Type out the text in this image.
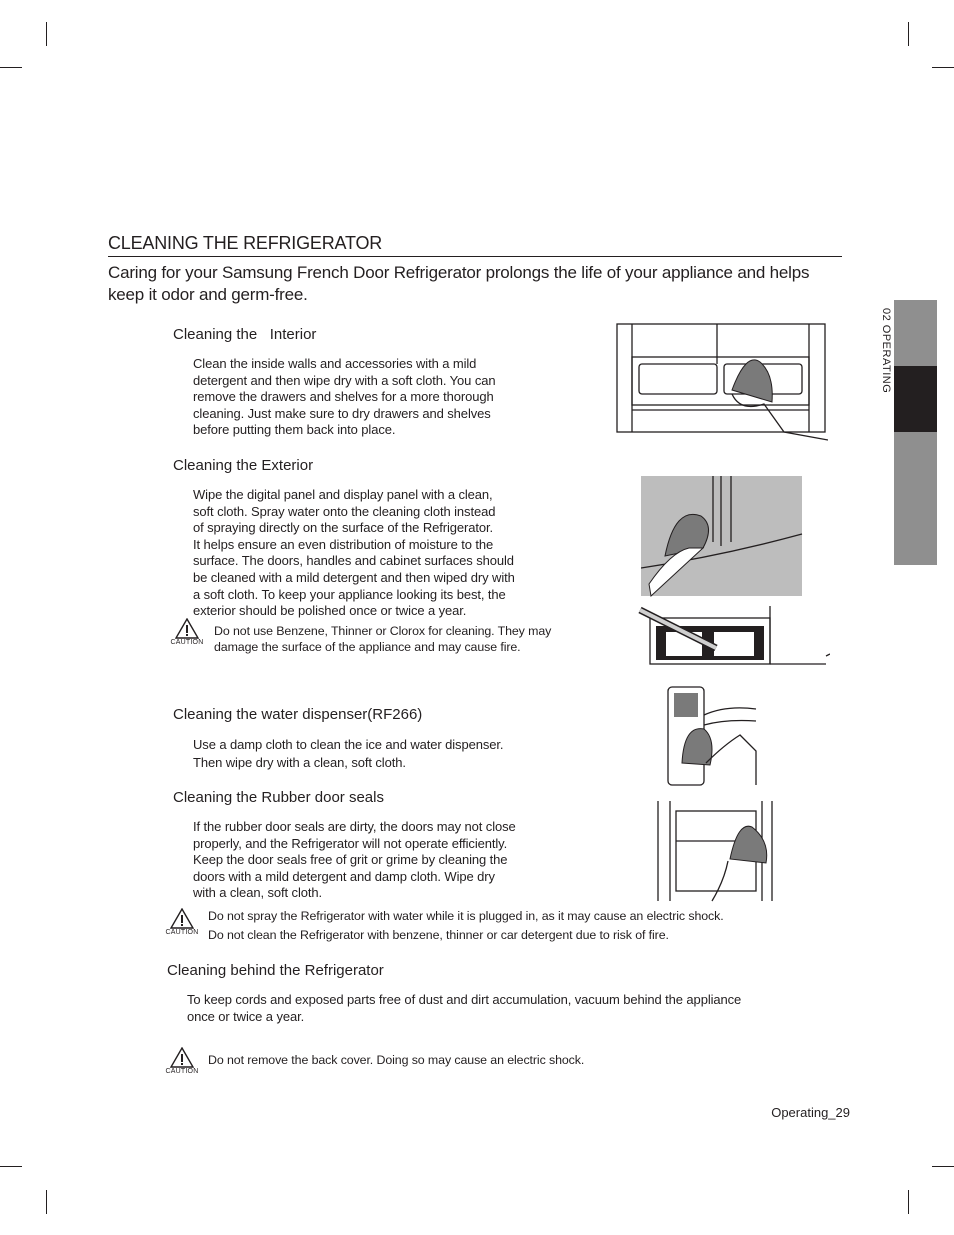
02 OPERATING
CLEANING THE REFRIGERATOR
Caring for your Samsung French Door Refrigerator prolongs the life of your appliance and helps keep it odor and germ-free.
Cleaning the   Interior
Clean the inside walls and accessories with a mild
detergent and then wipe dry with a soft cloth. You can
remove the drawers and shelves for a more thorough
cleaning. Just make sure to dry drawers and shelves
before putting them back into place.
Cleaning the Exterior
Wipe the digital panel and display panel with a clean,
soft cloth. Spray water onto the cleaning cloth instead
of spraying directly on the surface of the Refrigerator.
It helps ensure an even distribution of moisture to the
surface. The doors, handles and cabinet surfaces should
be cleaned with a mild detergent and then wiped dry with
a soft cloth. To keep your appliance looking its best, the
exterior should be polished once or twice a year.
CAUTION
Do not use Benzene, Thinner or Clorox for cleaning. They may
damage the surface of the appliance and may cause fire.
Cleaning the water dispenser(RF266)
Use a damp cloth to clean the ice and water dispenser.
Then wipe dry with a clean, soft cloth.
Cleaning the Rubber door seals
If the rubber door seals are dirty, the doors may not close
properly, and the Refrigerator will not operate efficiently.
Keep the door seals free of grit or grime by cleaning the
doors with a mild detergent and damp cloth. Wipe dry
with a clean, soft cloth.
CAUTION
Do not spray the Refrigerator with water while it is plugged in, as it may cause an electric shock.
Do not clean the Refrigerator with benzene, thinner or car detergent due to risk of fire.
Cleaning behind the Refrigerator
To keep cords and exposed parts free of dust and dirt accumulation, vacuum behind the appliance
once or twice a year.
CAUTION
Do not remove the back cover. Doing so may cause an electric shock.
Operating_29
